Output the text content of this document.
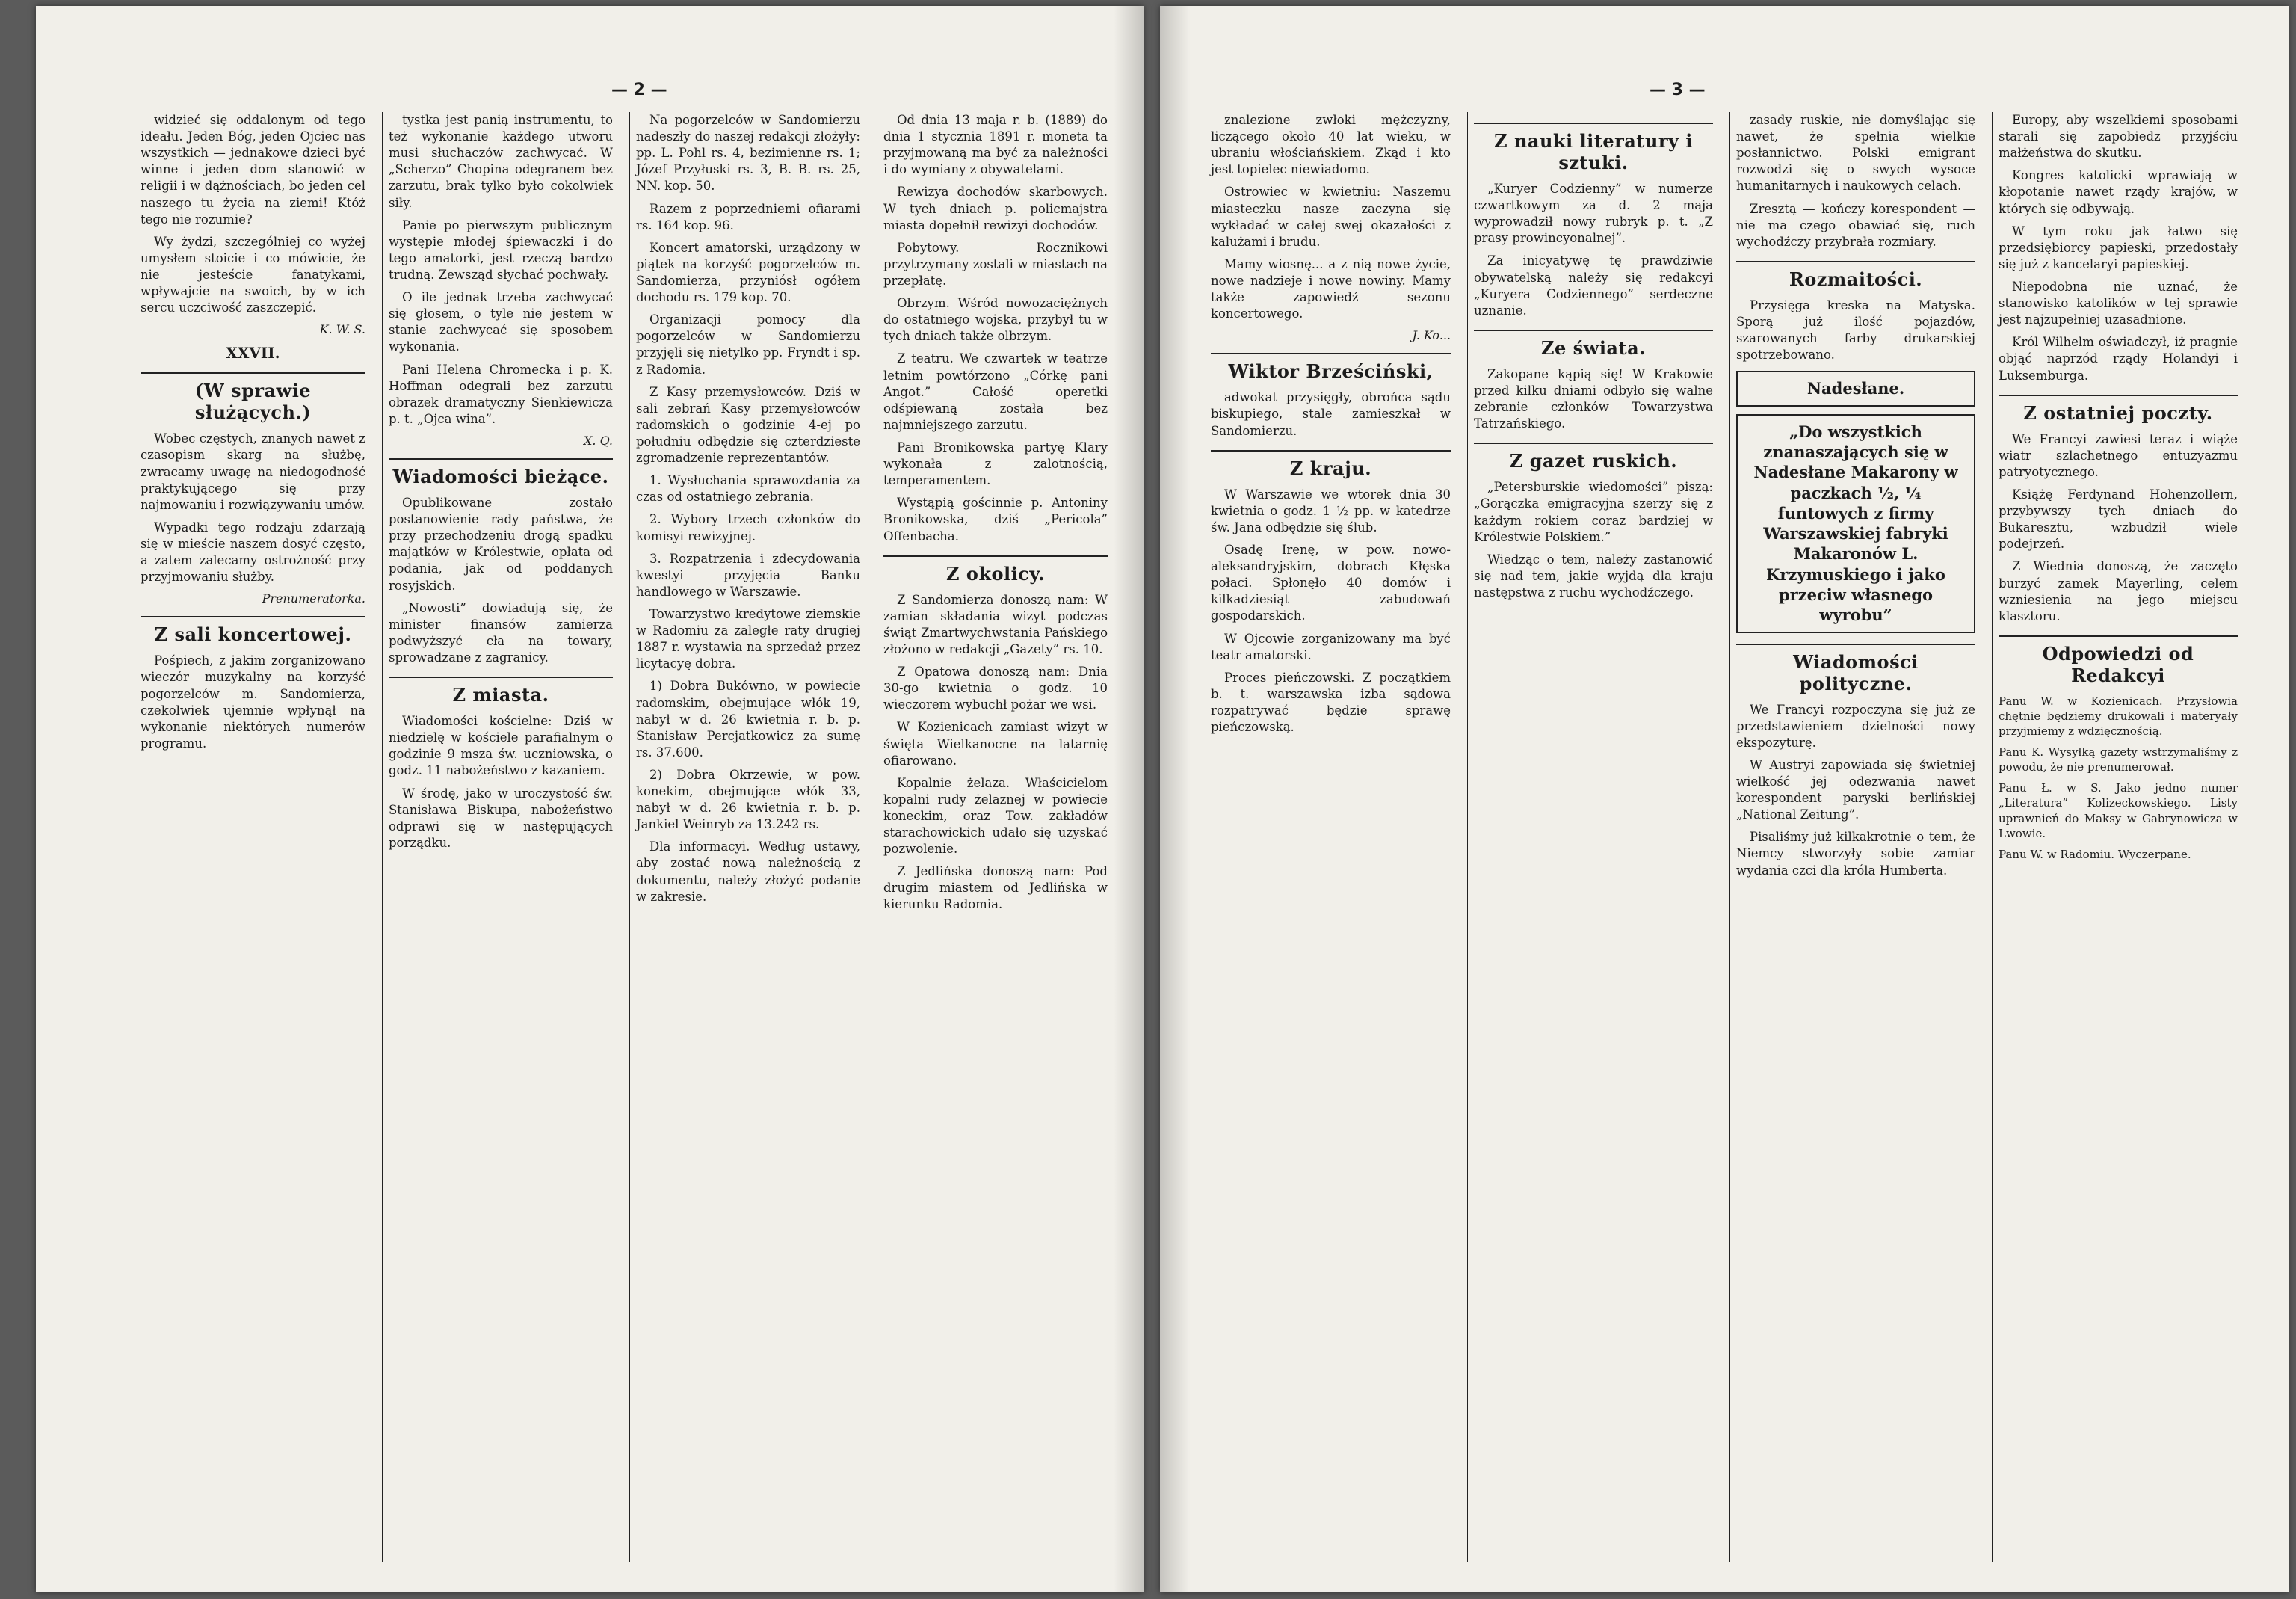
— 2 —

widzieć się oddalonym od tego ideału. Jeden Bóg, jeden Ojciec nas wszystkich — jednakowe dzieci być winne i jeden dom stanowić w religii i w dążnościach, bo jeden cel naszego tu życia na ziemi! Któż tego nie rozumie?

Wy żydzi, szczególniej co wyżej umysłem stoicie i co mówicie, że nie jesteście fanatykami, wpływajcie na swoich, by w ich sercu uczciwość zaszczepić.

K. W. S.
XXVII.
(W sprawie służących.)

Wobec częstych, znanych nawet z czasopism skarg na służbę, zwracamy uwagę na niedogodność praktykującego się przy najmowaniu i rozwiązywaniu umów.

Wypadki tego rodzaju zdarzają się w mieście naszem dosyć często, a zatem zalecamy ostrożność przy przyjmowaniu służby.

Prenumeratorka.
Z sali koncertowej.

Pośpiech, z jakim zorganizowano wieczór muzykalny na korzyść pogorzelców m. Sandomierza, czekolwiek ujemnie wpłynął na wykonanie niektórych numerów programu.

tystka jest panią instrumentu, to też wykonanie każdego utworu musi słuchaczów zachwycać. W „Scherzo” Chopina odegranem bez zarzutu, brak tylko było cokolwiek siły.

Panie po pierwszym publicznym występie młodej śpiewaczki i do tego amatorki, jest rzeczą bardzo trudną. Zewsząd słychać pochwały.

O ile jednak trzeba zachwycać się głosem, o tyle nie jestem w stanie zachwycać się sposobem wykonania.

Pani Helena Chromecka i p. K. Hoffman odegrali bez zarzutu obrazek dramatyczny Sienkiewicza p. t. „Ojca wina”.

X. Q.
Wiadomości bieżące.

Opublikowane zostało postanowienie rady państwa, że przy przechodzeniu drogą spadku majątków w Królestwie, opłata od podania, jak od poddanych rosyjskich.

„Nowosti” dowiadują się, że minister finansów zamierza podwyższyć cła na towary, sprowadzane z zagranicy.

Z miasta.

Wiadomości kościelne: Dziś w niedzielę w kościele parafialnym o godzinie 9 msza św. uczniowska, o godz. 11 nabożeństwo z kazaniem.

W środę, jako w uroczystość św. Stanisława Biskupa, nabożeństwo odprawi się w następujących porządku.

Na pogorzelców w Sandomierzu nadeszły do naszej redakcji złożyły: pp. L. Pohl rs. 4, bezimienne rs. 1; Józef Przyłuski rs. 3, B. B. rs. 25, NN. kop. 50.

Razem z poprzedniemi ofiarami rs. 164 kop. 96.

Koncert amatorski, urządzony w piątek na korzyść pogorzelców m. Sandomierza, przyniósł ogółem dochodu rs. 179 kop. 70.

Organizacji pomocy dla pogorzelców w Sandomierzu przyjęli się nietylko pp. Fryndt i sp. z Radomia.

Z Kasy przemysłowców. Dziś w sali zebrań Kasy przemysłowców radomskich o godzinie 4-ej po południu odbędzie się czterdzieste zgromadzenie reprezentantów.

1. Wysłuchania sprawozdania za czas od ostatniego zebrania.

2. Wybory trzech członków do komisyi rewizyjnej.

3. Rozpatrzenia i zdecydowania kwestyi przyjęcia Banku handlowego w Warszawie.

Towarzystwo kredytowe ziemskie w Radomiu za zaległe raty drugiej 1887 r. wystawia na sprzedaż przez licytacyę dobra.

1) Dobra Bukówno, w powiecie radomskim, obejmujące włók 19, nabył w d. 26 kwietnia r. b. p. Stanisław Percjatkowicz za sumę rs. 37.600.

2) Dobra Okrzewie, w pow. konekim, obejmujące włók 33, nabył w d. 26 kwietnia r. b. p. Jankiel Weinryb za 13.242 rs.

Dla informacyi. Według ustawy, aby zostać nową należnością z dokumentu, należy złożyć podanie w zakresie.

Od dnia 13 maja r. b. (1889) do dnia 1 stycznia 1891 r. moneta ta przyjmowaną ma być za należności i do wymiany z obywatelami.

Rewizya dochodów skarbowych. W tych dniach p. policmajstra miasta dopełnił rewizyi dochodów.

Pobytowy. Rocznikowi przytrzymany zostali w miastach na przepłatę.

Obrzym. Wśród nowozaciężnych do ostatniego wojska, przybył tu w tych dniach także olbrzym.

Z teatru. We czwartek w teatrze letnim powtórzono „Córkę pani Angot.” Całość operetki odśpiewaną została bez najmniejszego zarzutu.

Pani Bronikowska partyę Klary wykonała z zalotnością, temperamentem.

Wystąpią gościnnie p. Antoniny Bronikowska, dziś „Pericola” Offenbacha.

Z okolicy.

Z Sandomierza donoszą nam: W zamian składania wizyt podczas świąt Zmartwychwstania Pańskiego złożono w redakcji „Gazety” rs. 10.

Z Opatowa donoszą nam: Dnia 30-go kwietnia o godz. 10 wieczorem wybuchł pożar we wsi.

W Kozienicach zamiast wizyt w święta Wielkanocne na latarnię ofiarowano.

Kopalnie żelaza. Właścicielom kopalni rudy żelaznej w powiecie koneckim, oraz Tow. zakładów starachowickich udało się uzyskać pozwolenie.

Z Jedlińska donoszą nam: Pod drugim miastem od Jedlińska w kierunku Radomia.

— 3 —

znalezione zwłoki mężczyzny, liczącego około 40 lat wieku, w ubraniu włościańskiem. Zkąd i kto jest topielec niewiadomo.

Ostrowiec w kwietniu: Naszemu miasteczku nasze zaczyna się wykładać w całej swej okazałości z kalużami i brudu.

Mamy wiosnę... a z nią nowe życie, nowe nadzieje i nowe nowiny. Mamy także zapowiedź sezonu koncertowego.

J. Ko...
Wiktor Brześciński,

adwokat przysięgły, obrońca sądu biskupiego, stale zamieszkał w Sandomierzu.

Z kraju.

W Warszawie we wtorek dnia 30 kwietnia o godz. 1 ½ pp. w katedrze św. Jana odbędzie się ślub.

Osadę Irenę, w pow. nowo-aleksandryjskim, dobrach Kłęska połaci. Spłonęło 40 domów i kilkadziesiąt zabudowań gospodarskich.

W Ojcowie zorganizowany ma być teatr amatorski.

Proces pieńczowski. Z początkiem b. t. warszawska izba sądowa rozpatrywać będzie sprawę pieńczowską.

Z nauki literatury i sztuki.

„Kuryer Codzienny” w numerze czwartkowym za d. 2 maja wyprowadził nowy rubryk p. t. „Z prasy prowincyonalnej”.

Za inicyatywę tę prawdziwie obywatelską należy się redakcyi „Kuryera Codziennego” serdeczne uznanie.

Ze świata.

Zakopane kąpią się! W Krakowie przed kilku dniami odbyło się walne zebranie członków Towarzystwa Tatrzańskiego.

Z gazet ruskich.

„Petersburskie wiedomości” piszą: „Gorączka emigracyjna szerzy się z każdym rokiem coraz bardziej w Królestwie Polskiem.”

Wiedząc o tem, należy zastanowić się nad tem, jakie wyjdą dla kraju następstwa z ruchu wychodźczego.

zasady ruskie, nie domyślając się nawet, że spełnia wielkie posłannictwo. Polski emigrant rozwodzi się o swych wysoce humanitarnych i naukowych celach.

Zresztą — kończy korespondent — nie ma czego obawiać się, ruch wychodźczy przybrała rozmiary.

Rozmaitości.

Przysięga kreska na Matyska. Sporą już ilość pojazdów, szarowanych farby drukarskiej spotrzebowano.

Nadesłane.
„Do wszystkich znanaszających się w Nadesłane Makarony w paczkach ½, ¼ funtowych z firmy Warszawskiej fabryki Makaronów L. Krzymuskiego i jako przeciw własnego wyrobu”
Wiadomości polityczne.

We Francyi rozpoczyna się już ze przedstawieniem dzielności nowy ekspozyturę.

W Austryi zapowiada się świetniej wielkość jej odezwania nawet korespondent paryski berlińskiej „National Zeitung”.

Pisaliśmy już kilkakrotnie o tem, że Niemcy stworzyły sobie zamiar wydania czci dla króla Humberta.

Europy, aby wszelkiemi sposobami starali się zapobiedz przyjściu małżeństwa do skutku.

Kongres katolicki wprawiają w kłopotanie nawet rządy krajów, w których się odbywają.

W tym roku jak łatwo się przedsiębiorcy papieski, przedostały się już z kancelaryi papieskiej.

Niepodobna nie uznać, że stanowisko katolików w tej sprawie jest najzupełniej uzasadnione.

Król Wilhelm oświadczył, iż pragnie objąć naprzód rządy Holandyi i Luksemburga.

Z ostatniej poczty.

We Francyi zawiesi teraz i wiąże wiatr szlachetnego entuzyazmu patryotycznego.

Książę Ferdynand Hohenzollern, przybywszy tych dniach do Bukaresztu, wzbudził wiele podejrzeń.

Z Wiednia donoszą, że zaczęto burzyć zamek Mayerling, celem wzniesienia na jego miejscu klasztoru.

Odpowiedzi od Redakcyi

Panu W. w Kozienicach. Przysłowia chętnie będziemy drukowali i materyały przyjmiemy z wdzięcznością.

Panu K. Wysyłką gazety wstrzymaliśmy z powodu, że nie prenumerował.

Panu Ł. w S. Jako jedno numer „Literatura” Kolizeckowskiego. Listy uprawnień do Maksy w Gabrynowicza w Lwowie.

Panu W. w Radomiu. Wyczerpane.
